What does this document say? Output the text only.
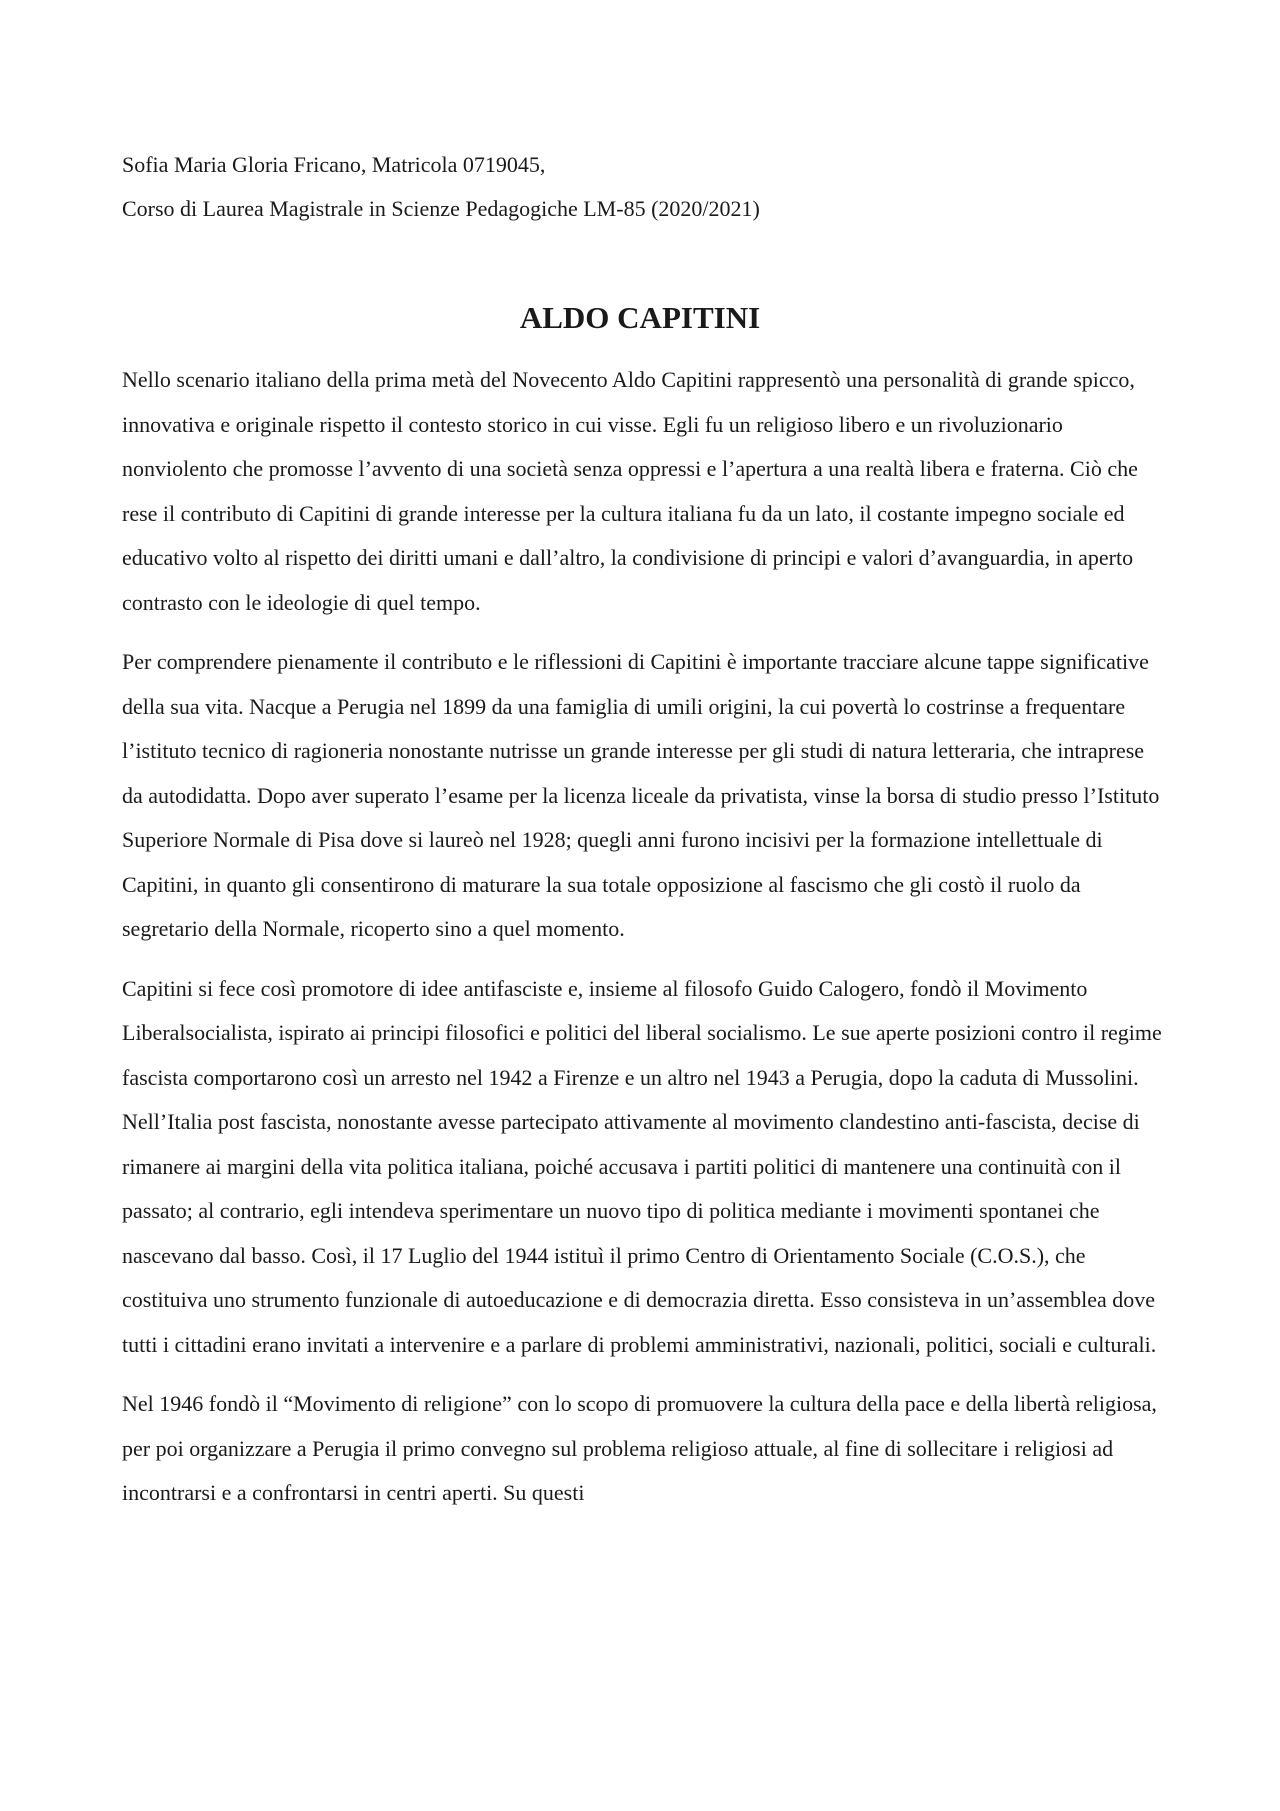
Sofia Maria Gloria Fricano, Matricola 0719045,

Corso di Laurea Magistrale in Scienze Pedagogiche LM-85 (2020/2021)

ALDO CAPITINI

Nello scenario italiano della prima metà del Novecento Aldo Capitini rappresentò una personalità di grande spicco, innovativa e originale rispetto il contesto storico in cui visse. Egli fu un religioso libero e un rivoluzionario nonviolento che promosse l’avvento di una società senza oppressi e l’apertura a una realtà libera e fraterna. Ciò che rese il contributo di Capitini di grande interesse per la cultura italiana fu da un lato, il costante impegno sociale ed educativo volto al rispetto dei diritti umani e dall’altro, la condivisione di principi e valori d’avanguardia, in aperto contrasto con le ideologie di quel tempo.

Per comprendere pienamente il contributo e le riflessioni di Capitini è importante tracciare alcune tappe significative della sua vita. Nacque a Perugia nel 1899 da una famiglia di umili origini, la cui povertà lo costrinse a frequentare l’istituto tecnico di ragioneria nonostante nutrisse un grande interesse per gli studi di natura letteraria, che intraprese da autodidatta. Dopo aver superato l’esame per la licenza liceale da privatista, vinse la borsa di studio presso l’Istituto Superiore Normale di Pisa dove si laureò nel 1928; quegli anni furono incisivi per la formazione intellettuale di Capitini, in quanto gli consentirono di maturare la sua totale opposizione al fascismo che gli costò il ruolo da segretario della Normale, ricoperto sino a quel momento.

Capitini si fece così promotore di idee antifasciste e, insieme al filosofo Guido Calogero, fondò il Movimento Liberalsocialista, ispirato ai principi filosofici e politici del liberal socialismo. Le sue aperte posizioni contro il regime fascista comportarono così un arresto nel 1942 a Firenze e un altro nel 1943 a Perugia, dopo la caduta di Mussolini. Nell’Italia post fascista, nonostante avesse partecipato attivamente al movimento clandestino anti-fascista, decise di rimanere ai margini della vita politica italiana, poiché accusava i partiti politici di mantenere una continuità con il passato; al contrario, egli intendeva sperimentare un nuovo tipo di politica mediante i movimenti spontanei che nascevano dal basso. Così, il 17 Luglio del 1944 istituì il primo Centro di Orientamento Sociale (C.O.S.), che costituiva uno strumento funzionale di autoeducazione e di democrazia diretta. Esso consisteva in un’assemblea dove tutti i cittadini erano invitati a intervenire e a parlare di problemi amministrativi, nazionali, politici, sociali e culturali.

Nel 1946 fondò il “Movimento di religione” con lo scopo di promuovere la cultura della pace e della libertà religiosa, per poi organizzare a Perugia il primo convegno sul problema religioso attuale, al fine di sollecitare i religiosi ad incontrarsi e a confrontarsi in centri aperti. Su questi
